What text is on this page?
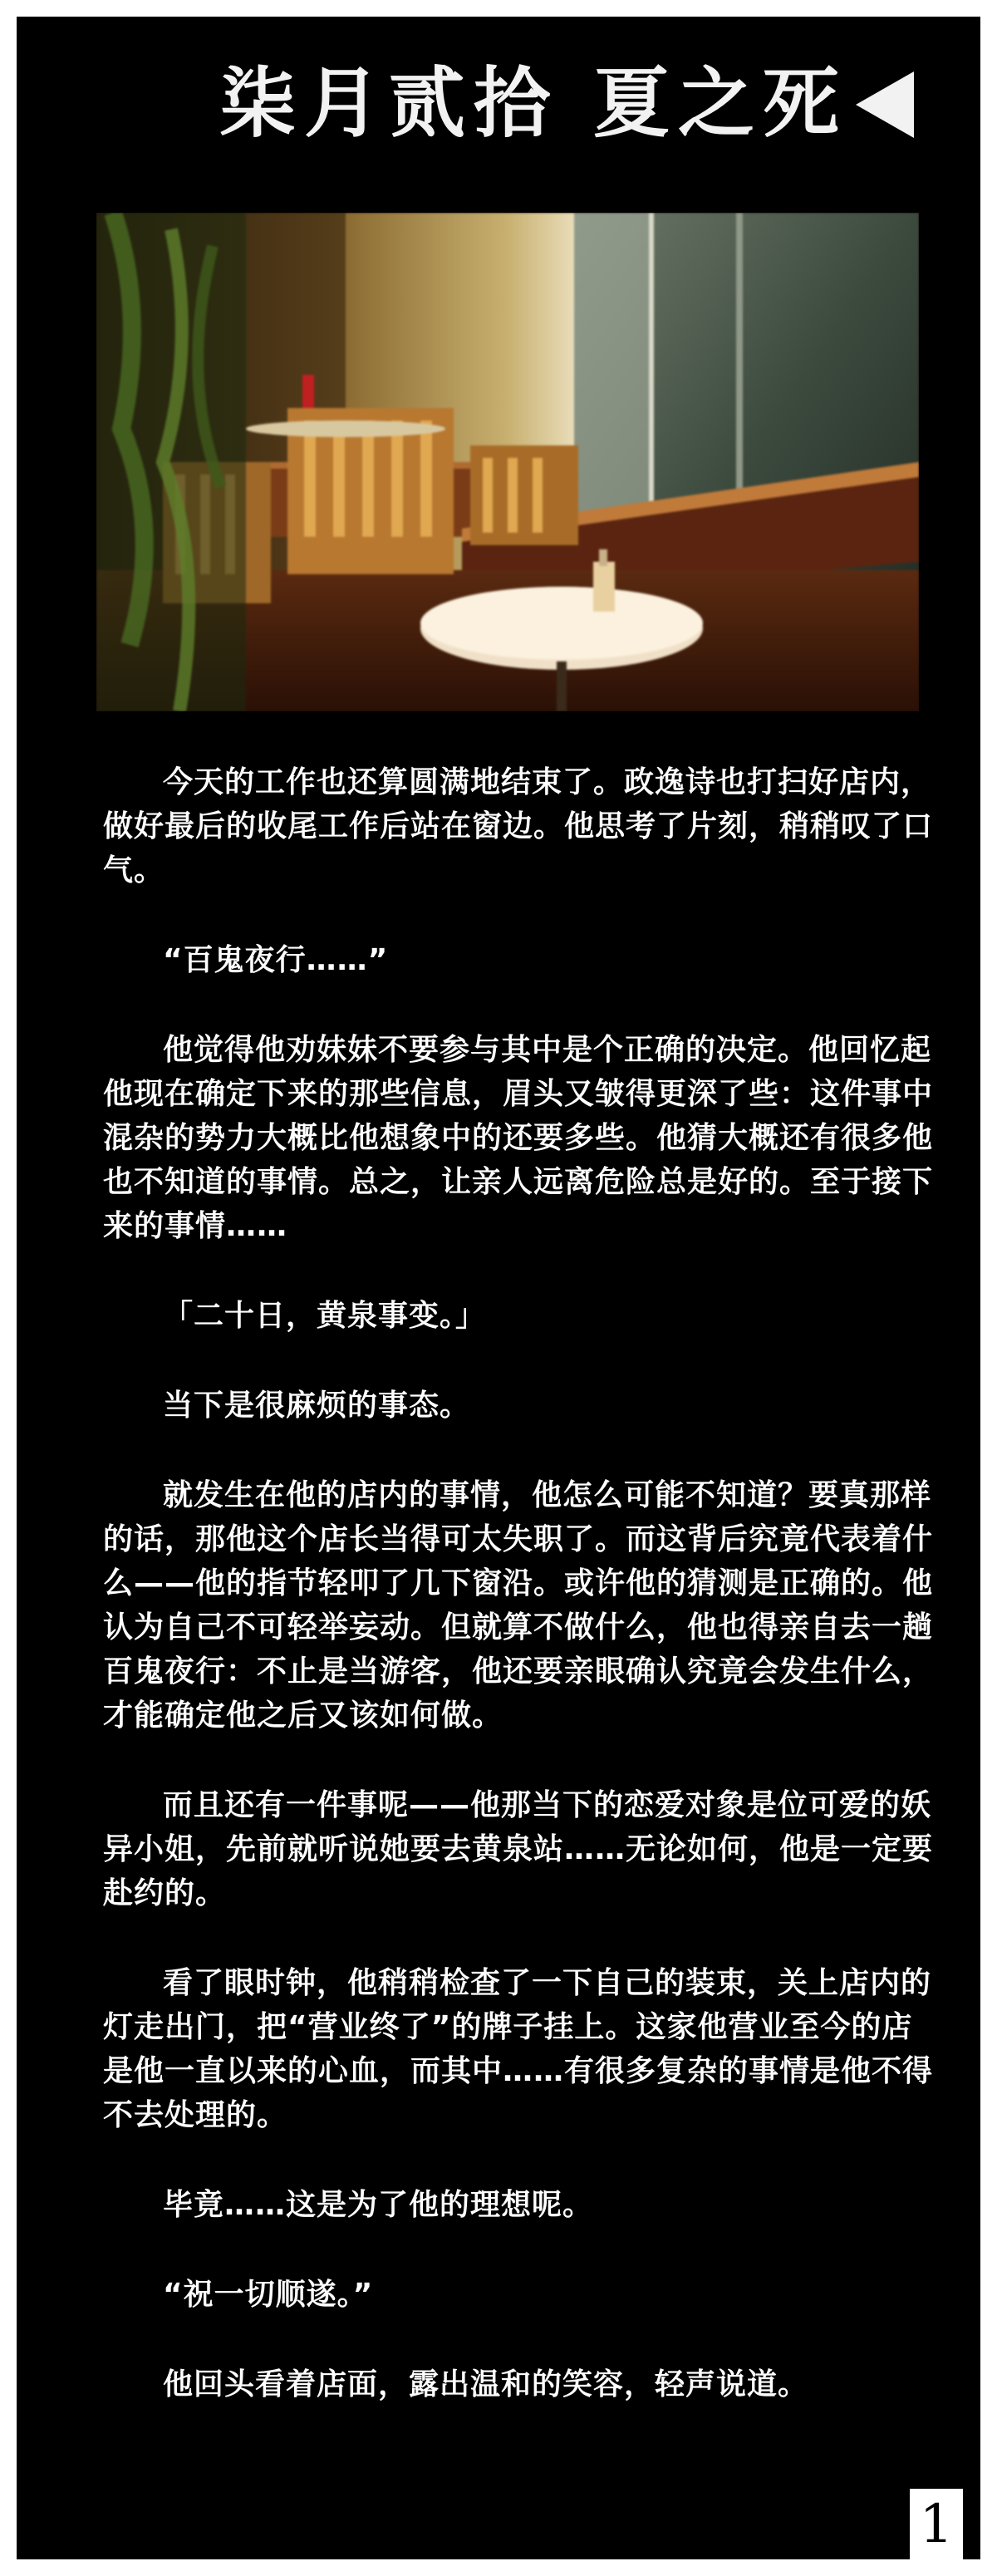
柒月贰拾 夏之死

今天的工作也还算圆满地结束了。政逸诗也打扫好店内，做好最后的收尾工作后站在窗边。他思考了片刻，稍稍叹了口气。

“百鬼夜行……”

他觉得他劝妹妹不要参与其中是个正确的决定。他回忆起他现在确定下来的那些信息，眉头又皱得更深了些：这件事中混杂的势力大概比他想象中的还要多些。他猜大概还有很多他也不知道的事情。总之，让亲人远离危险总是好的。至于接下来的事情……

「二十日，黄泉事变。」

当下是很麻烦的事态。

就发生在他的店内的事情，他怎么可能不知道？要真那样的话，那他这个店长当得可太失职了。而这背后究竟代表着什么——他的指节轻叩了几下窗沿。或许他的猜测是正确的。他认为自己不可轻举妄动。但就算不做什么，他也得亲自去一趟百鬼夜行：不止是当游客，他还要亲眼确认究竟会发生什么，才能确定他之后又该如何做。

而且还有一件事呢——他那当下的恋爱对象是位可爱的妖异小姐，先前就听说她要去黄泉站……无论如何，他是一定要赴约的。

看了眼时钟，他稍稍检查了一下自己的装束，关上店内的灯走出门，把“营业终了”的牌子挂上。这家他营业至今的店是他一直以来的心血，而其中……有很多复杂的事情是他不得不去处理的。

毕竟……这是为了他的理想呢。

“祝一切顺遂。”

他回头看着店面，露出温和的笑容，轻声说道。

1
